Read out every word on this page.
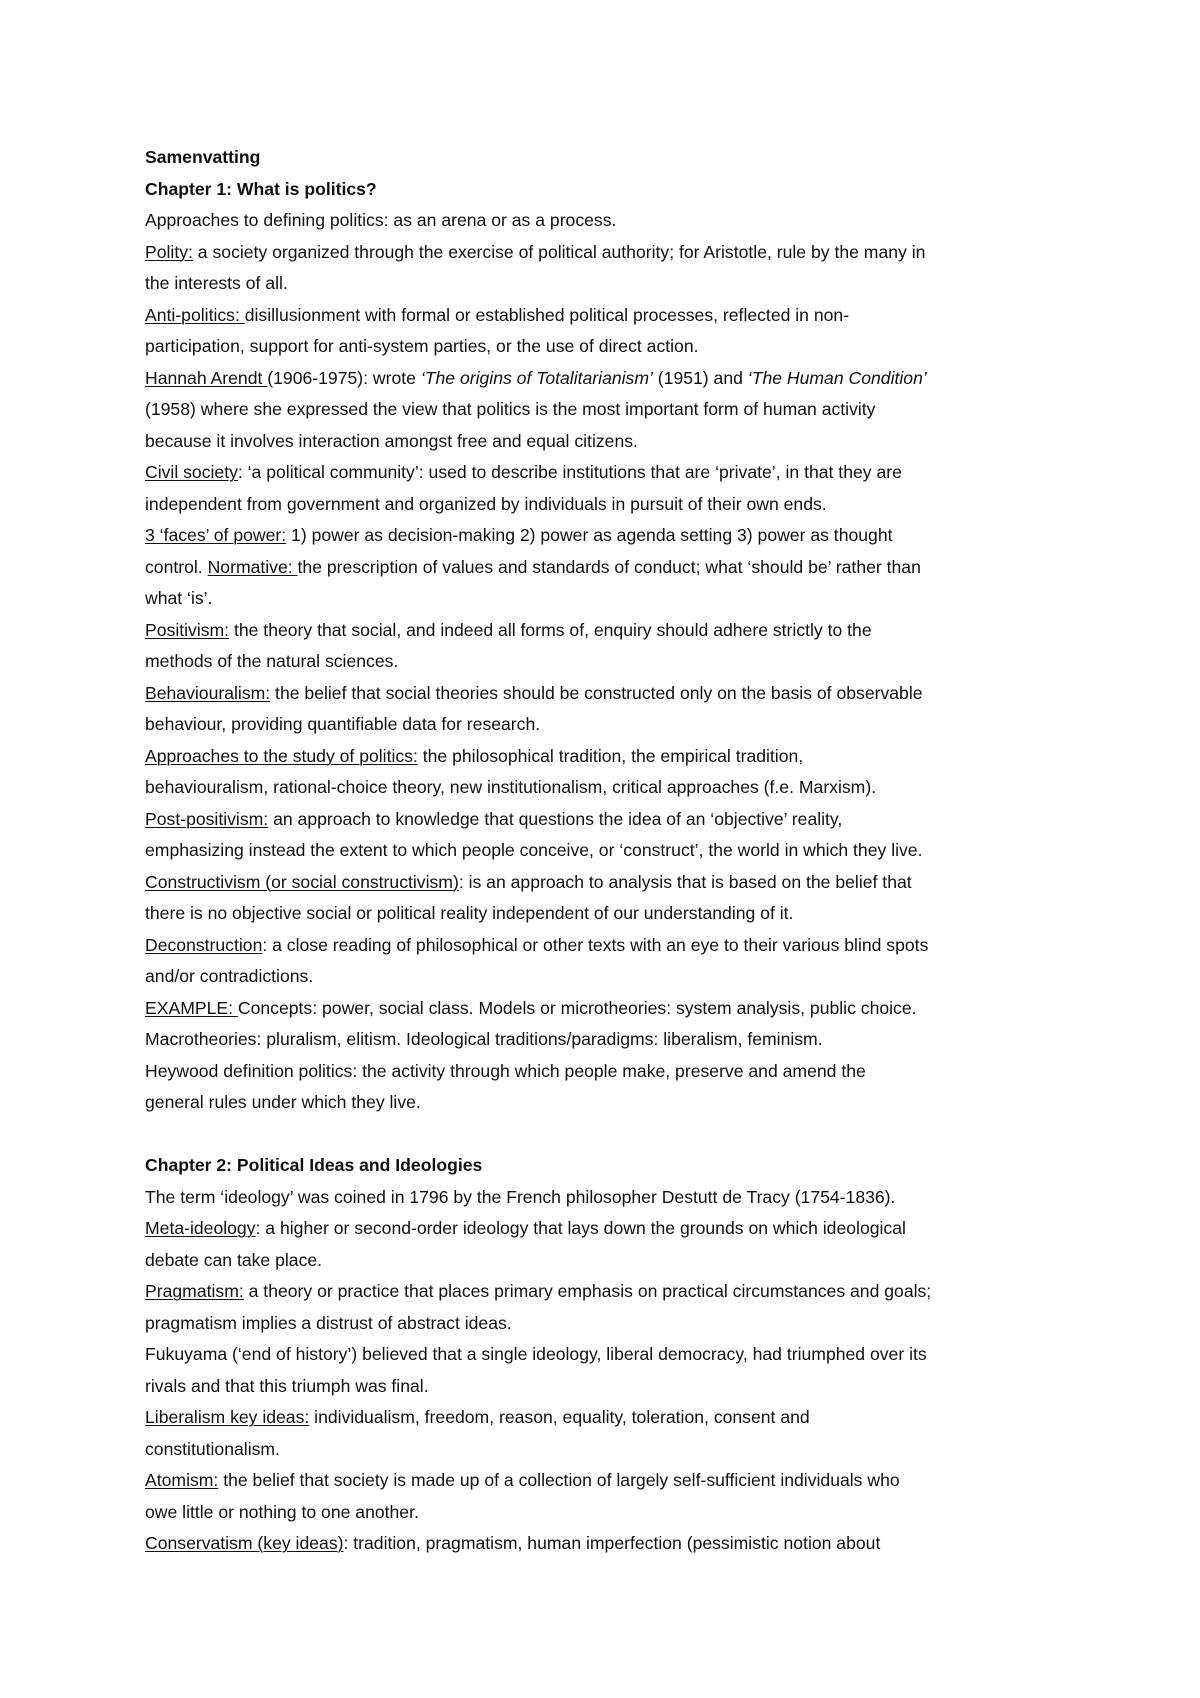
Samenvatting
Chapter 1: What is politics?
Approaches to defining politics: as an arena or as a process.
Polity: a society organized through the exercise of political authority; for Aristotle, rule by the many in
the interests of all.
Anti-politics: disillusionment with formal or established political processes, reflected in non-
participation, support for anti-system parties, or the use of direct action.
Hannah Arendt (1906-1975): wrote ‘The origins of Totalitarianism’ (1951) and ‘The Human Condition’
(1958) where she expressed the view that politics is the most important form of human activity
because it involves interaction amongst free and equal citizens.
Civil society: ‘a political community’: used to describe institutions that are ‘private’, in that they are
independent from government and organized by individuals in pursuit of their own ends.
3 ‘faces’ of power: 1) power as decision-making 2) power as agenda setting 3) power as thought
control. Normative: the prescription of values and standards of conduct; what ‘should be’ rather than
what ‘is’.
Positivism: the theory that social, and indeed all forms of, enquiry should adhere strictly to the
methods of the natural sciences.
Behaviouralism: the belief that social theories should be constructed only on the basis of observable
behaviour, providing quantifiable data for research.
Approaches to the study of politics: the philosophical tradition, the empirical tradition,
behaviouralism, rational-choice theory, new institutionalism, critical approaches (f.e. Marxism).
Post-positivism: an approach to knowledge that questions the idea of an ‘objective’ reality,
emphasizing instead the extent to which people conceive, or ‘construct’, the world in which they live.
Constructivism (or social constructivism): is an approach to analysis that is based on the belief that
there is no objective social or political reality independent of our understanding of it.
Deconstruction: a close reading of philosophical or other texts with an eye to their various blind spots
and/or contradictions.
EXAMPLE: Concepts: power, social class. Models or microtheories: system analysis, public choice.
Macrotheories: pluralism, elitism. Ideological traditions/paradigms: liberalism, feminism.
Heywood definition politics: the activity through which people make, preserve and amend the
general rules under which they live.
Chapter 2: Political Ideas and Ideologies
The term ‘ideology’ was coined in 1796 by the French philosopher Destutt de Tracy (1754-1836).
Meta-ideology: a higher or second-order ideology that lays down the grounds on which ideological
debate can take place.
Pragmatism: a theory or practice that places primary emphasis on practical circumstances and goals;
pragmatism implies a distrust of abstract ideas.
Fukuyama (‘end of history’) believed that a single ideology, liberal democracy, had triumphed over its
rivals and that this triumph was final.
Liberalism key ideas: individualism, freedom, reason, equality, toleration, consent and
constitutionalism.
Atomism: the belief that society is made up of a collection of largely self-sufficient individuals who
owe little or nothing to one another.
Conservatism (key ideas): tradition, pragmatism, human imperfection (pessimistic notion about
